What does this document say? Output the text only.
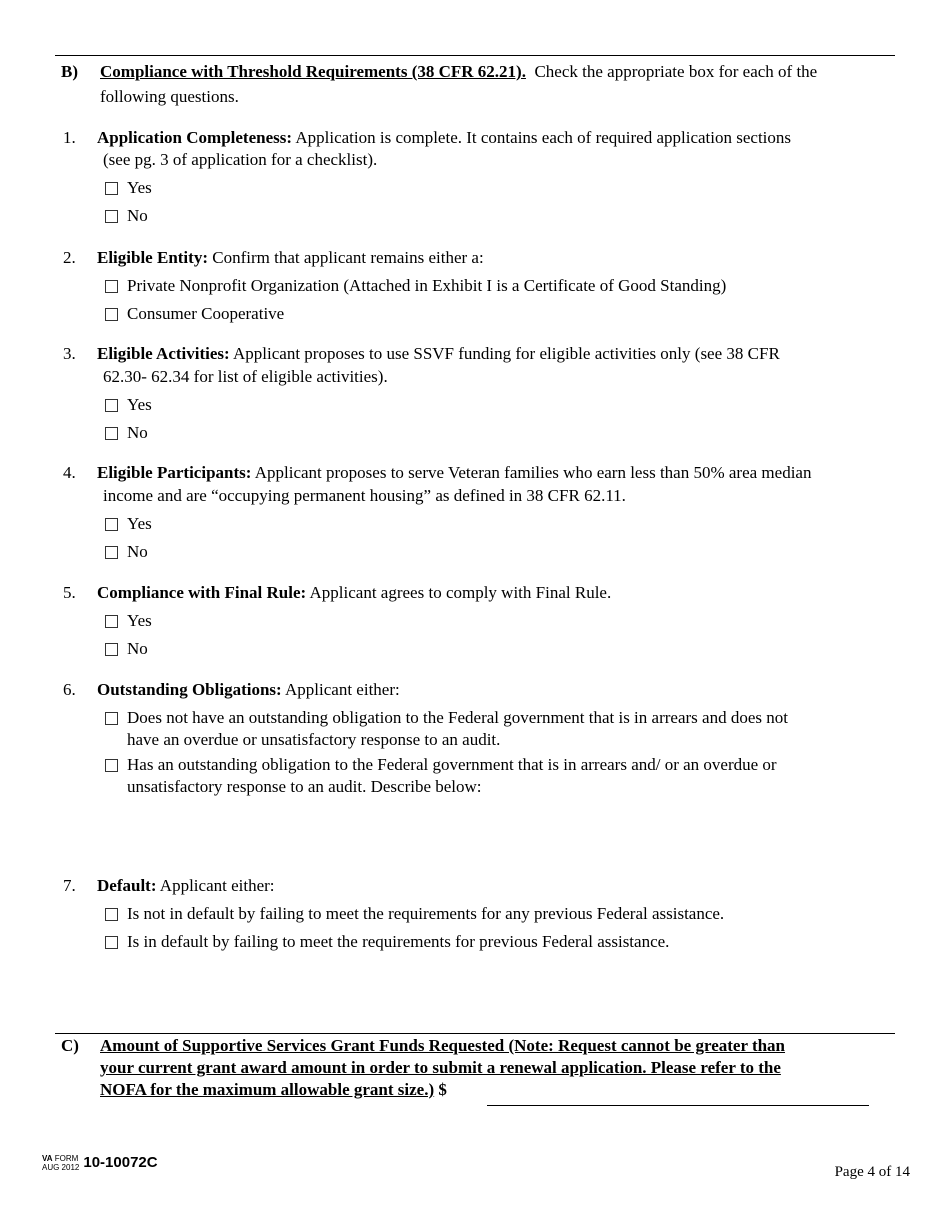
B) Compliance with Threshold Requirements (38 CFR 62.21). Check the appropriate box for each of the
following questions.
1. Application Completeness: Application is complete. It contains each of required application sections
(see pg. 3 of application for a checklist).
Yes
No
2. Eligible Entity: Confirm that applicant remains either a:
Private Nonprofit Organization (Attached in Exhibit I is a Certificate of Good Standing)
Consumer Cooperative
3. Eligible Activities: Applicant proposes to use SSVF funding for eligible activities only (see 38 CFR
62.30- 62.34 for list of eligible activities).
Yes
No
4. Eligible Participants: Applicant proposes to serve Veteran families who earn less than 50% area median
income and are “occupying permanent housing” as defined in 38 CFR 62.11.
Yes
No
5. Compliance with Final Rule: Applicant agrees to comply with Final Rule.
Yes
No
6. Outstanding Obligations: Applicant either:
Does not have an outstanding obligation to the Federal government that is in arrears and does not
have an overdue or unsatisfactory response to an audit.
Has an outstanding obligation to the Federal government that is in arrears and/ or an overdue or
unsatisfactory response to an audit. Describe below:
7. Default: Applicant either:
Is not in default by failing to meet the requirements for any previous Federal assistance.
Is in default by failing to meet the requirements for previous Federal assistance.
C) Amount of Supportive Services Grant Funds Requested (Note: Request cannot be greater than
your current grant award amount in order to submit a renewal application. Please refer to the
NOFA for the maximum allowable grant size.) $
VA FORM
AUG 2012 10-10072C
Page 4 of 14
